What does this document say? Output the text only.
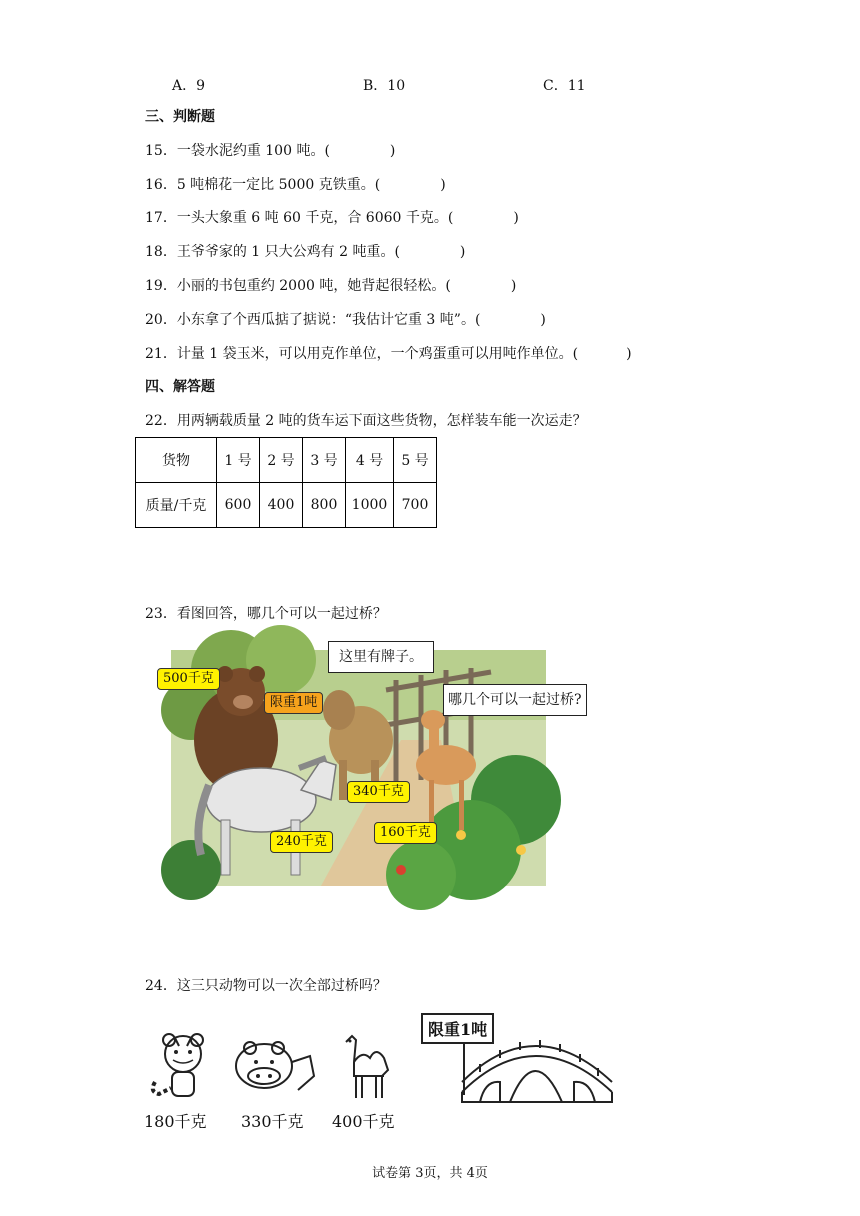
A．9	B．10	C．11
三、判断题
15．一袋水泥约重 100 吨。(	)
16．5 吨棉花一定比 5000 克铁重。(	)
17．一头大象重 6 吨 60 千克，合 6060 千克。(	)
18．王爷爷家的 1 只大公鸡有 2 吨重。(	)
19．小丽的书包重约 2000 吨，她背起很轻松。(	)
20．小东拿了个西瓜掂了掂说：“我估计它重 3 吨”。(	)
21．计量 1 袋玉米，可以用克作单位，一个鸡蛋重可以用吨作单位。(	)
四、解答题
22．用两辆载质量 2 吨的货车运下面这些货物，怎样装车能一次运走？
货物	1 号	2 号	3 号	4 号	5 号
质量/千克	600	400	800	1000	700
23．看图回答，哪几个可以一起过桥？
500千克
限重1吨
340千克
240千克
160千克
这里有牌子。
哪几个可以一起过桥?
24．这三只动物可以一次全部过桥吗？
180千克 330千克 400千克
限重1吨
试卷第 3页，共 4页
